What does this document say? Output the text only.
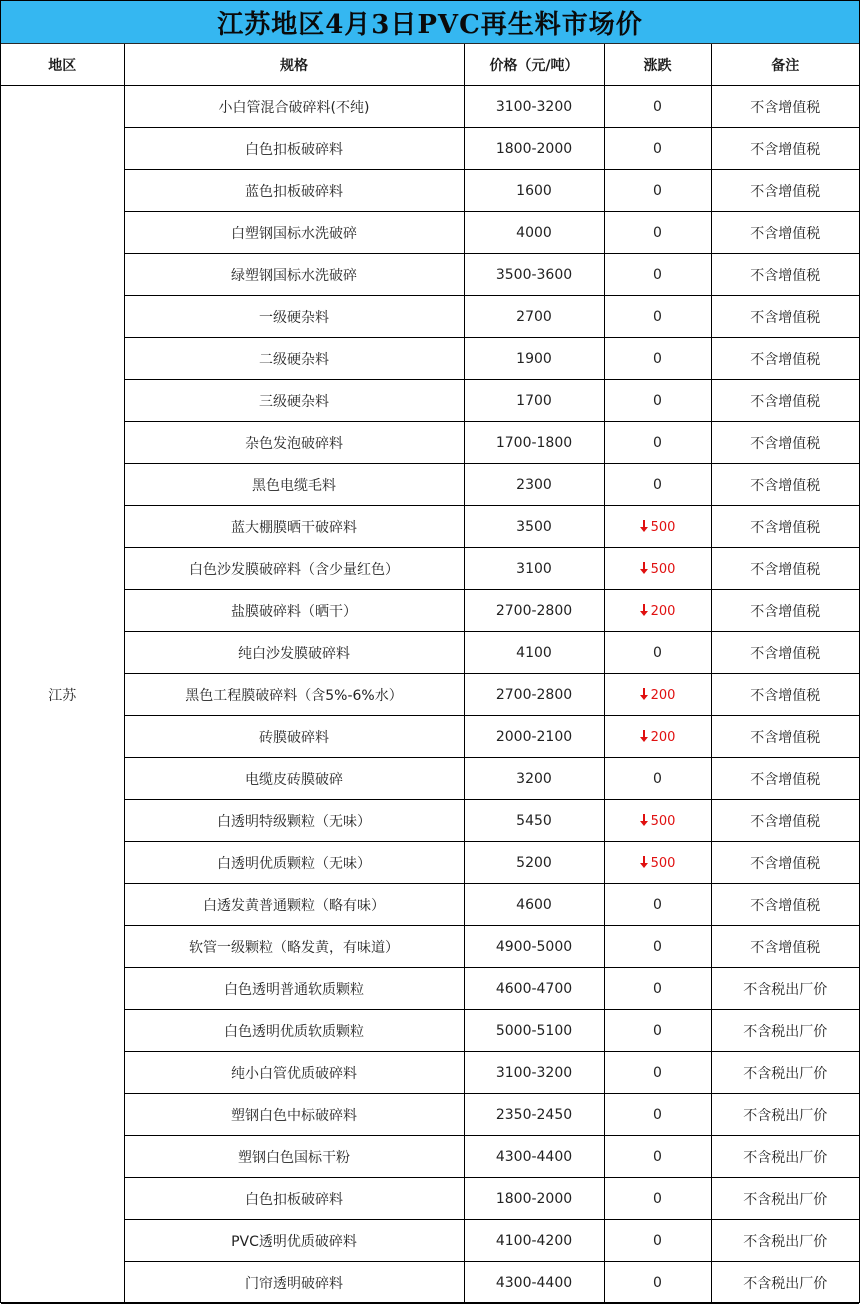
江苏地区4月3日PVC再生料市场价
地区	规格	价格（元/吨）	涨跌	备注
江苏	小白管混合破碎料(不纯)	3100-3200	0	不含增值税
	白色扣板破碎料	1800-2000	0	不含增值税
	蓝色扣板破碎料	1600	0	不含增值税
	白塑钢国标水洗破碎	4000	0	不含增值税
	绿塑钢国标水洗破碎	3500-3600	0	不含增值税
	一级硬杂料	2700	0	不含增值税
	二级硬杂料	1900	0	不含增值税
	三级硬杂料	1700	0	不含增值税
	杂色发泡破碎料	1700-1800	0	不含增值税
	黑色电缆毛料	2300	0	不含增值税
	蓝大棚膜晒干破碎料	3500	500	不含增值税
	白色沙发膜破碎料（含少量红色）	3100	500	不含增值税
	盐膜破碎料（晒干）	2700-2800	200	不含增值税
	纯白沙发膜破碎料	4100	0	不含增值税
	黑色工程膜破碎料（含5%-6%水）	2700-2800	200	不含增值税
	砖膜破碎料	2000-2100	200	不含增值税
	电缆皮砖膜破碎	3200	0	不含增值税
	白透明特级颗粒（无味）	5450	500	不含增值税
	白透明优质颗粒（无味）	5200	500	不含增值税
	白透发黄普通颗粒（略有味）	4600	0	不含增值税
	软管一级颗粒（略发黄，有味道）	4900-5000	0	不含增值税
	白色透明普通软质颗粒	4600-4700	0	不含税出厂价
	白色透明优质软质颗粒	5000-5100	0	不含税出厂价
	纯小白管优质破碎料	3100-3200	0	不含税出厂价
	塑钢白色中标破碎料	2350-2450	0	不含税出厂价
	塑钢白色国标干粉	4300-4400	0	不含税出厂价
	白色扣板破碎料	1800-2000	0	不含税出厂价
	PVC透明优质破碎料	4100-4200	0	不含税出厂价
	门帘透明破碎料	4300-4400	0	不含税出厂价
